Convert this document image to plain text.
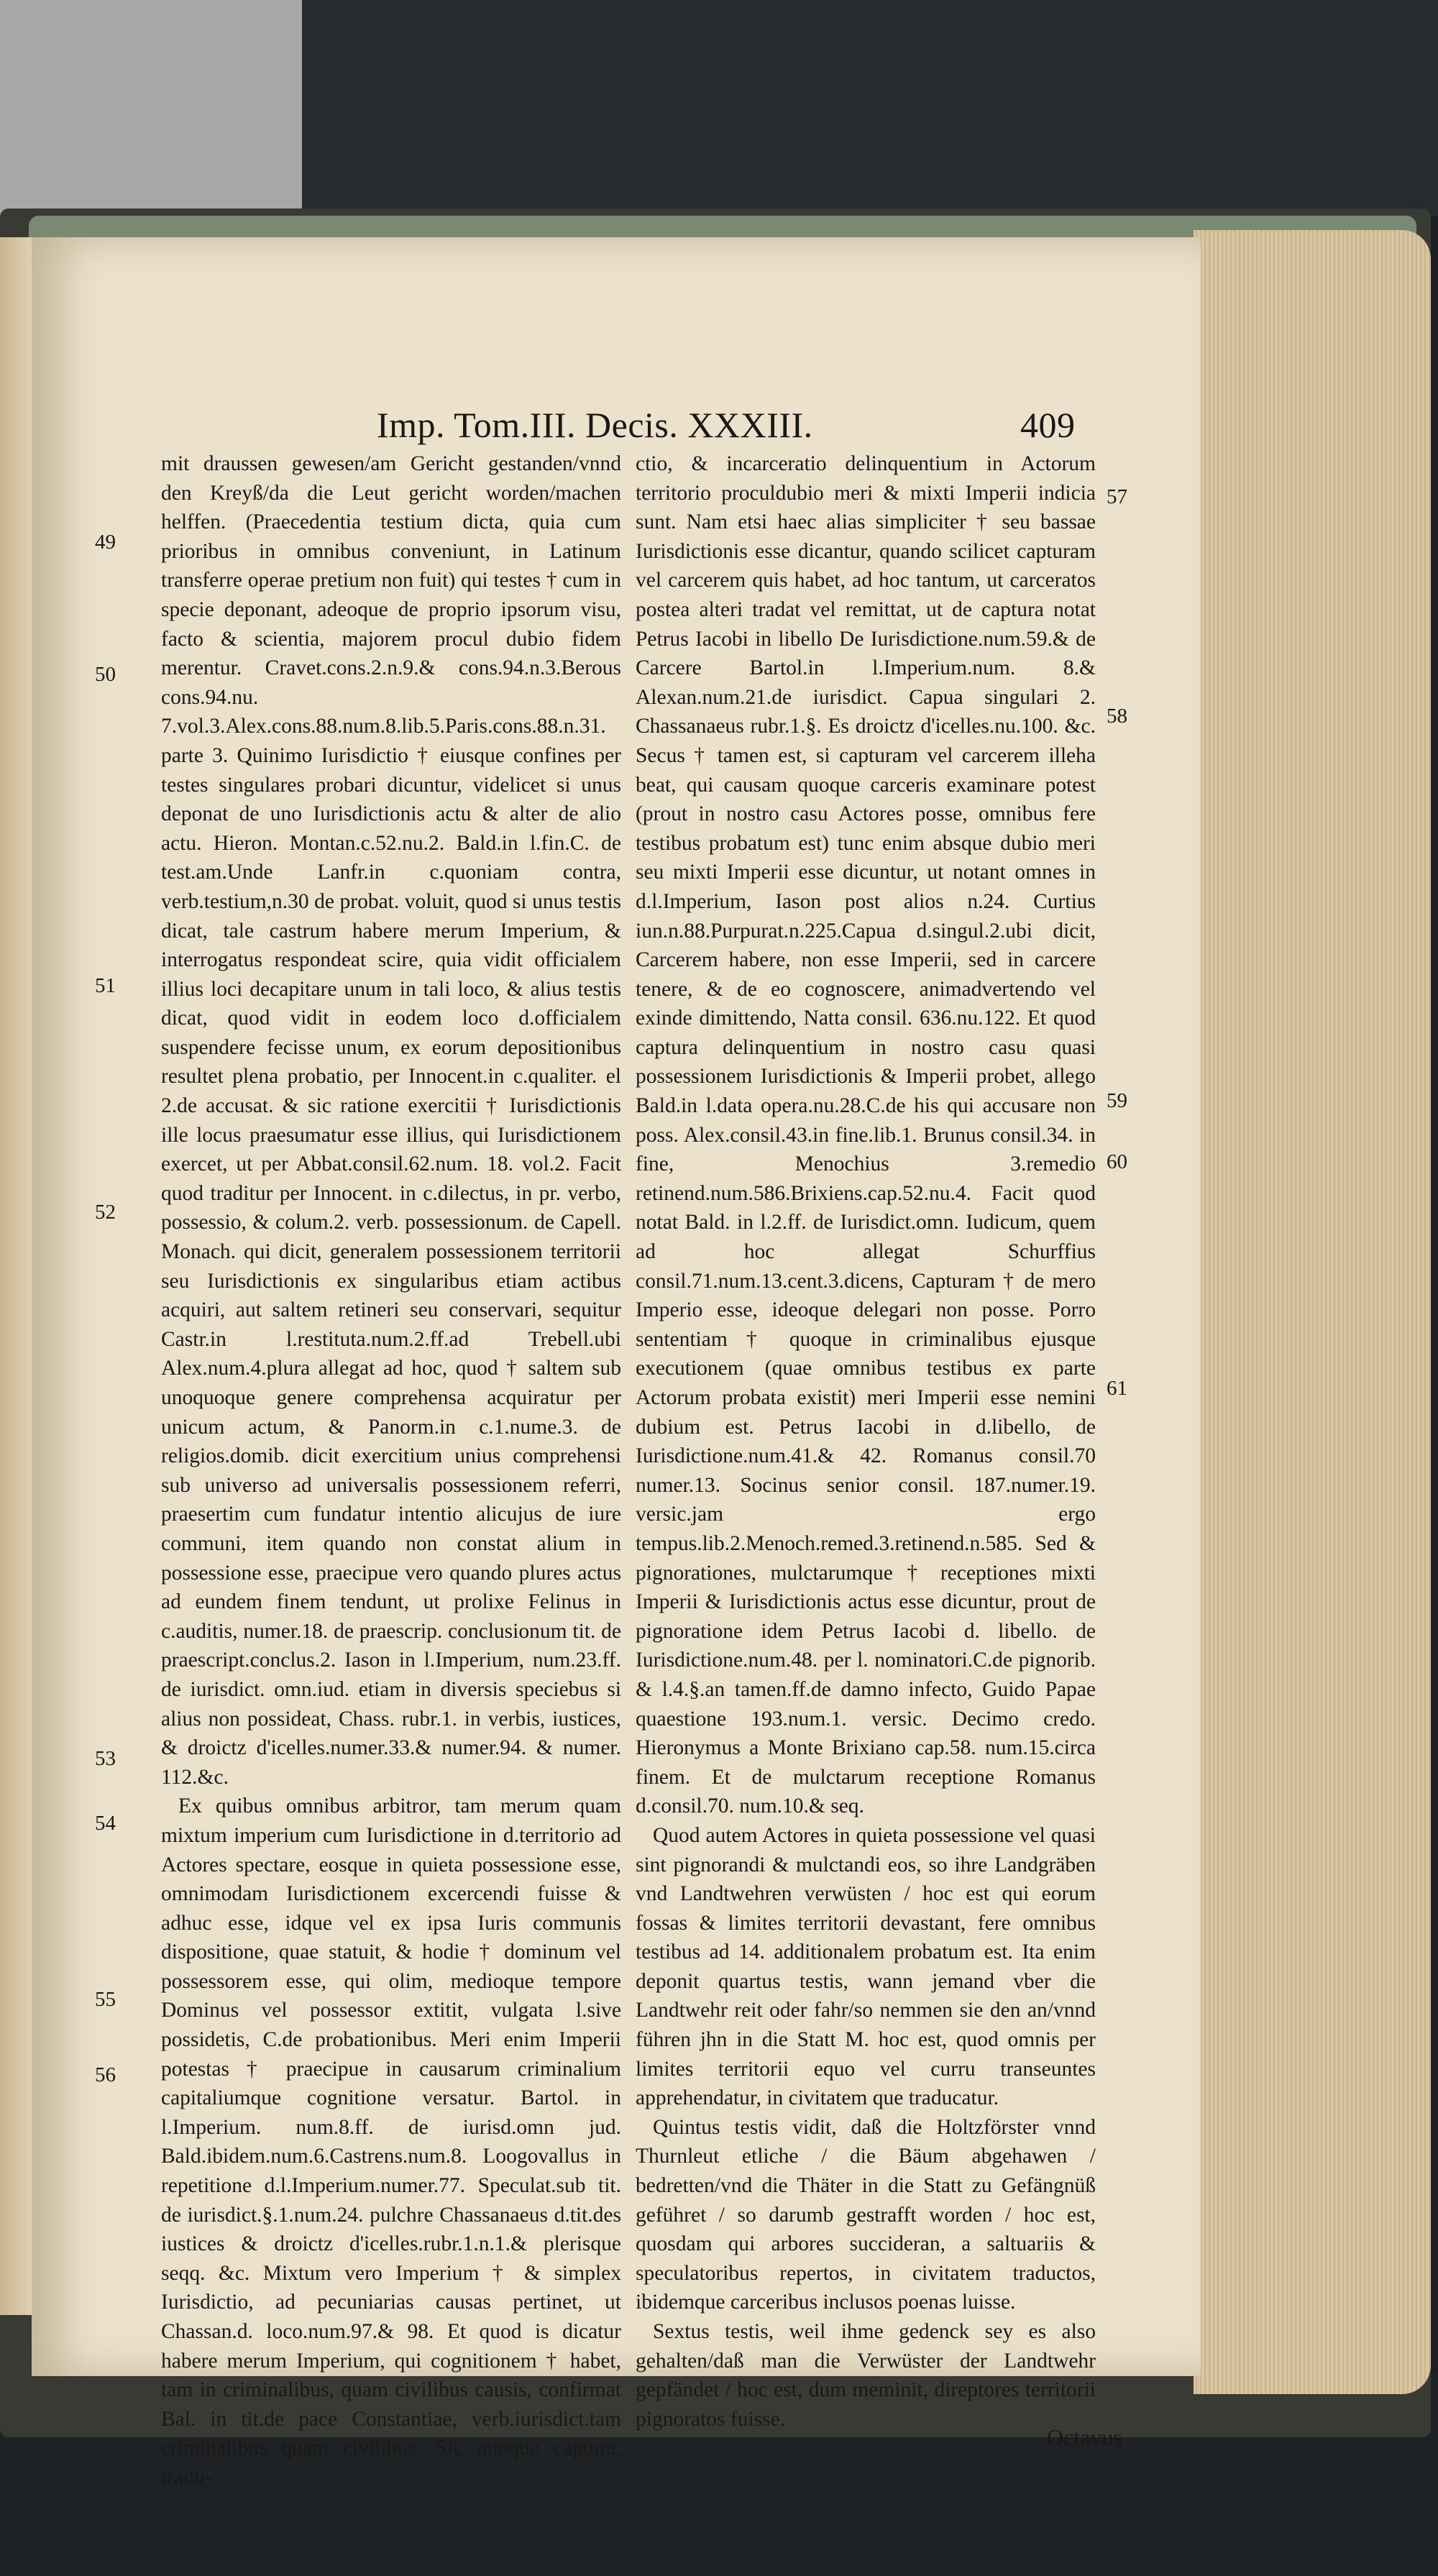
Imp. Tom.III. Decis. XXXIII.	409

mit draussen gewesen/am Gericht gestanden/vnnd den Kreyß/da die Leut gericht worden/machen helffen. (Praecedentia testium dicta, quia cum prioribus in omnibus conveniunt, in Latinum transferre operae pretium non fuit) qui testes † cum in specie deponant, adeoque de proprio ipsorum visu, facto & scientia, majorem procul dubio fidem merentur. Cravet.cons.2.n.9.& cons.94.n.3.Berous cons.94.nu. 7.vol.3.Alex.cons.88.num.8.lib.5.Paris.cons.88.n.31. parte 3. Quinimo Iurisdictio † eiusque confines per testes singulares probari dicuntur, videlicet si unus deponat de uno Iurisdictionis actu & alter de alio actu. Hieron. Montan.c.52.nu.2. Bald.in l.fin.C. de test.am.Unde Lanfr.in c.quoniam contra, verb.testium,n.30 de probat. voluit, quod si unus testis dicat, tale castrum habere merum Imperium, & interrogatus respondeat scire, quia vidit officialem illius loci decapitare unum in tali loco, & alius testis dicat, quod vidit in eodem loco d.officialem suspendere fecisse unum, ex eorum depositionibus resultet plena probatio, per Innocent.in c.qualiter. el 2.de accusat. & sic ratione exercitii † Iurisdictionis ille locus praesumatur esse illius, qui Iurisdictionem exercet, ut per Abbat.consil.62.num. 18. vol.2. Facit quod traditur per Innocent. in c.dilectus, in pr. verbo, possessio, & colum.2. verb. possessionum. de Capell. Monach. qui dicit, generalem possessionem territorii seu Iurisdictionis ex singularibus etiam actibus acquiri, aut saltem retineri seu conservari, sequitur Castr.in l.restituta.num.2.ff.ad Trebell.ubi Alex.num.4.plura allegat ad hoc, quod † saltem sub unoquoque genere comprehensa acquiratur per unicum actum, & Panorm.in c.1.nume.3. de religios.domib. dicit exercitium unius comprehensi sub universo ad universalis possessionem referri, praesertim cum fundatur intentio alicujus de iure communi, item quando non constat alium in possessione esse, praecipue vero quando plures actus ad eundem finem tendunt, ut prolixe Felinus in c.auditis, numer.18. de praescrip. conclusionum tit. de praescript.conclus.2. Iason in l.Imperium, num.23.ff. de iurisdict. omn.iud. etiam in diversis speciebus si alius non possideat, Chass. rubr.1. in verbis, iustices, & droictz d'icelles.numer.33.& numer.94. & numer. 112.&c.

Ex quibus omnibus arbitror, tam merum quam mixtum imperium cum Iurisdictione in d.territorio ad Actores spectare, eosque in quieta possessione esse, omnimodam Iurisdictionem excercendi fuisse & adhuc esse, idque vel ex ipsa Iuris communis dispositione, quae statuit, & hodie † dominum vel possessorem esse, qui olim, medioque tempore Dominus vel possessor extitit, vulgata l.sive possidetis, C.de probationibus. Meri enim Imperii potestas † praecipue in causarum criminalium capitaliumque cognitione versatur. Bartol. in l.Imperium. num.8.ff. de iurisd.omn jud. Bald.ibidem.num.6.Castrens.num.8. Loogovallus in repetitione d.l.Imperium.numer.77. Speculat.sub tit. de iurisdict.§.1.num.24. pulchre Chassanaeus d.tit.des iustices & droictz d'icelles.rubr.1.n.1.& plerisque seqq. &c. Mixtum vero Imperium † & simplex Iurisdictio, ad pecuniarias causas pertinet, ut Chassan.d. loco.num.97.& 98. Et quod is dicatur habere merum Imperium, qui cognitionem † habet, tam in criminalibus, quam civilibus causis, confirmat Bal. in tit.de pace Constantiae, verb.iurisdict.tam criminalibus quam civilibus. Sic quoque captura, tradu-

ctio, & incarceratio delinquentium in Actorum territorio proculdubio meri & mixti Imperii indicia sunt. Nam etsi haec alias simpliciter † seu bassae Iurisdictionis esse dicantur, quando scilicet capturam vel carcerem quis habet, ad hoc tantum, ut carceratos postea alteri tradat vel remittat, ut de captura notat Petrus Iacobi in libello De Iurisdictione.num.59.& de Carcere Bartol.in l.Imperium.num. 8.& Alexan.num.21.de iurisdict. Capua singulari 2. Chassanaeus rubr.1.§. Es droictz d'icelles.nu.100. &c. Secus † tamen est, si capturam vel carcerem illeha beat, qui causam quoque carceris examinare potest (prout in nostro casu Actores posse, omnibus fere testibus probatum est) tunc enim absque dubio meri seu mixti Imperii esse dicuntur, ut notant omnes in d.l.Imperium, Iason post alios n.24. Curtius iun.n.88.Purpurat.n.225.Capua d.singul.2.ubi dicit, Carcerem habere, non esse Imperii, sed in carcere tenere, & de eo cognoscere, animadvertendo vel exinde dimittendo, Natta consil. 636.nu.122. Et quod captura delinquentium in nostro casu quasi possessionem Iurisdictionis & Imperii probet, allego Bald.in l.data opera.nu.28.C.de his qui accusare non poss. Alex.consil.43.in fine.lib.1. Brunus consil.34. in fine, Menochius 3.remedio retinend.num.586.Brixiens.cap.52.nu.4. Facit quod notat Bald. in l.2.ff. de Iurisdict.omn. Iudicum, quem ad hoc allegat Schurffius consil.71.num.13.cent.3.dicens, Capturam † de mero Imperio esse, ideoque delegari non posse. Porro sententiam † quoque in criminalibus ejusque executionem (quae omnibus testibus ex parte Actorum probata existit) meri Imperii esse nemini dubium est. Petrus Iacobi in d.libello, de Iurisdictione.num.41.& 42. Romanus consil.70 numer.13. Socinus senior consil. 187.numer.19. versic.jam ergo tempus.lib.2.Menoch.remed.3.retinend.n.585. Sed & pignorationes, mulctarumque † receptiones mixti Imperii & Iurisdictionis actus esse dicuntur, prout de pignoratione idem Petrus Iacobi d. libello. de Iurisdictione.num.48. per l. nominatori.C.de pignorib. & l.4.§.an tamen.ff.de damno infecto, Guido Papae quaestione 193.num.1. versic. Decimo credo. Hieronymus a Monte Brixiano cap.58. num.15.circa finem. Et de mulctarum receptione Romanus d.consil.70. num.10.& seq.

Quod autem Actores in quieta possessione vel quasi sint pignorandi & mulctandi eos, so ihre Landgräben vnd Landtwehren verwüsten / hoc est qui eorum fossas & limites territorii devastant, fere omnibus testibus ad 14. additionalem probatum est. Ita enim deponit quartus testis, wann jemand vber die Landtwehr reit oder fahr/so nemmen sie den an/vnnd führen jhn in die Statt M. hoc est, quod omnis per limites territorii equo vel curru transeuntes apprehendatur, in civitatem que traducatur.

Quintus testis vidit, daß die Holtzförster vnnd Thurnleut etliche / die Bäum abgehawen / bedretten/vnd die Thäter in die Statt zu Gefängnüß geführet / so darumb gestrafft worden / hoc est, quosdam qui arbores succideran, a saltuariis & speculatoribus repertos, in civitatem traductos, ibidemque carceribus inclusos poenas luisse.

Sextus testis, weil ihme gedenck sey es also gehalten/daß man die Verwüster der Landtwehr gepfändet / hoc est, dum meminit, direptores territorii pignoratos fuisse.

49
50
51
52
53
54
55
56
57
58
59
60
61
Octavus
